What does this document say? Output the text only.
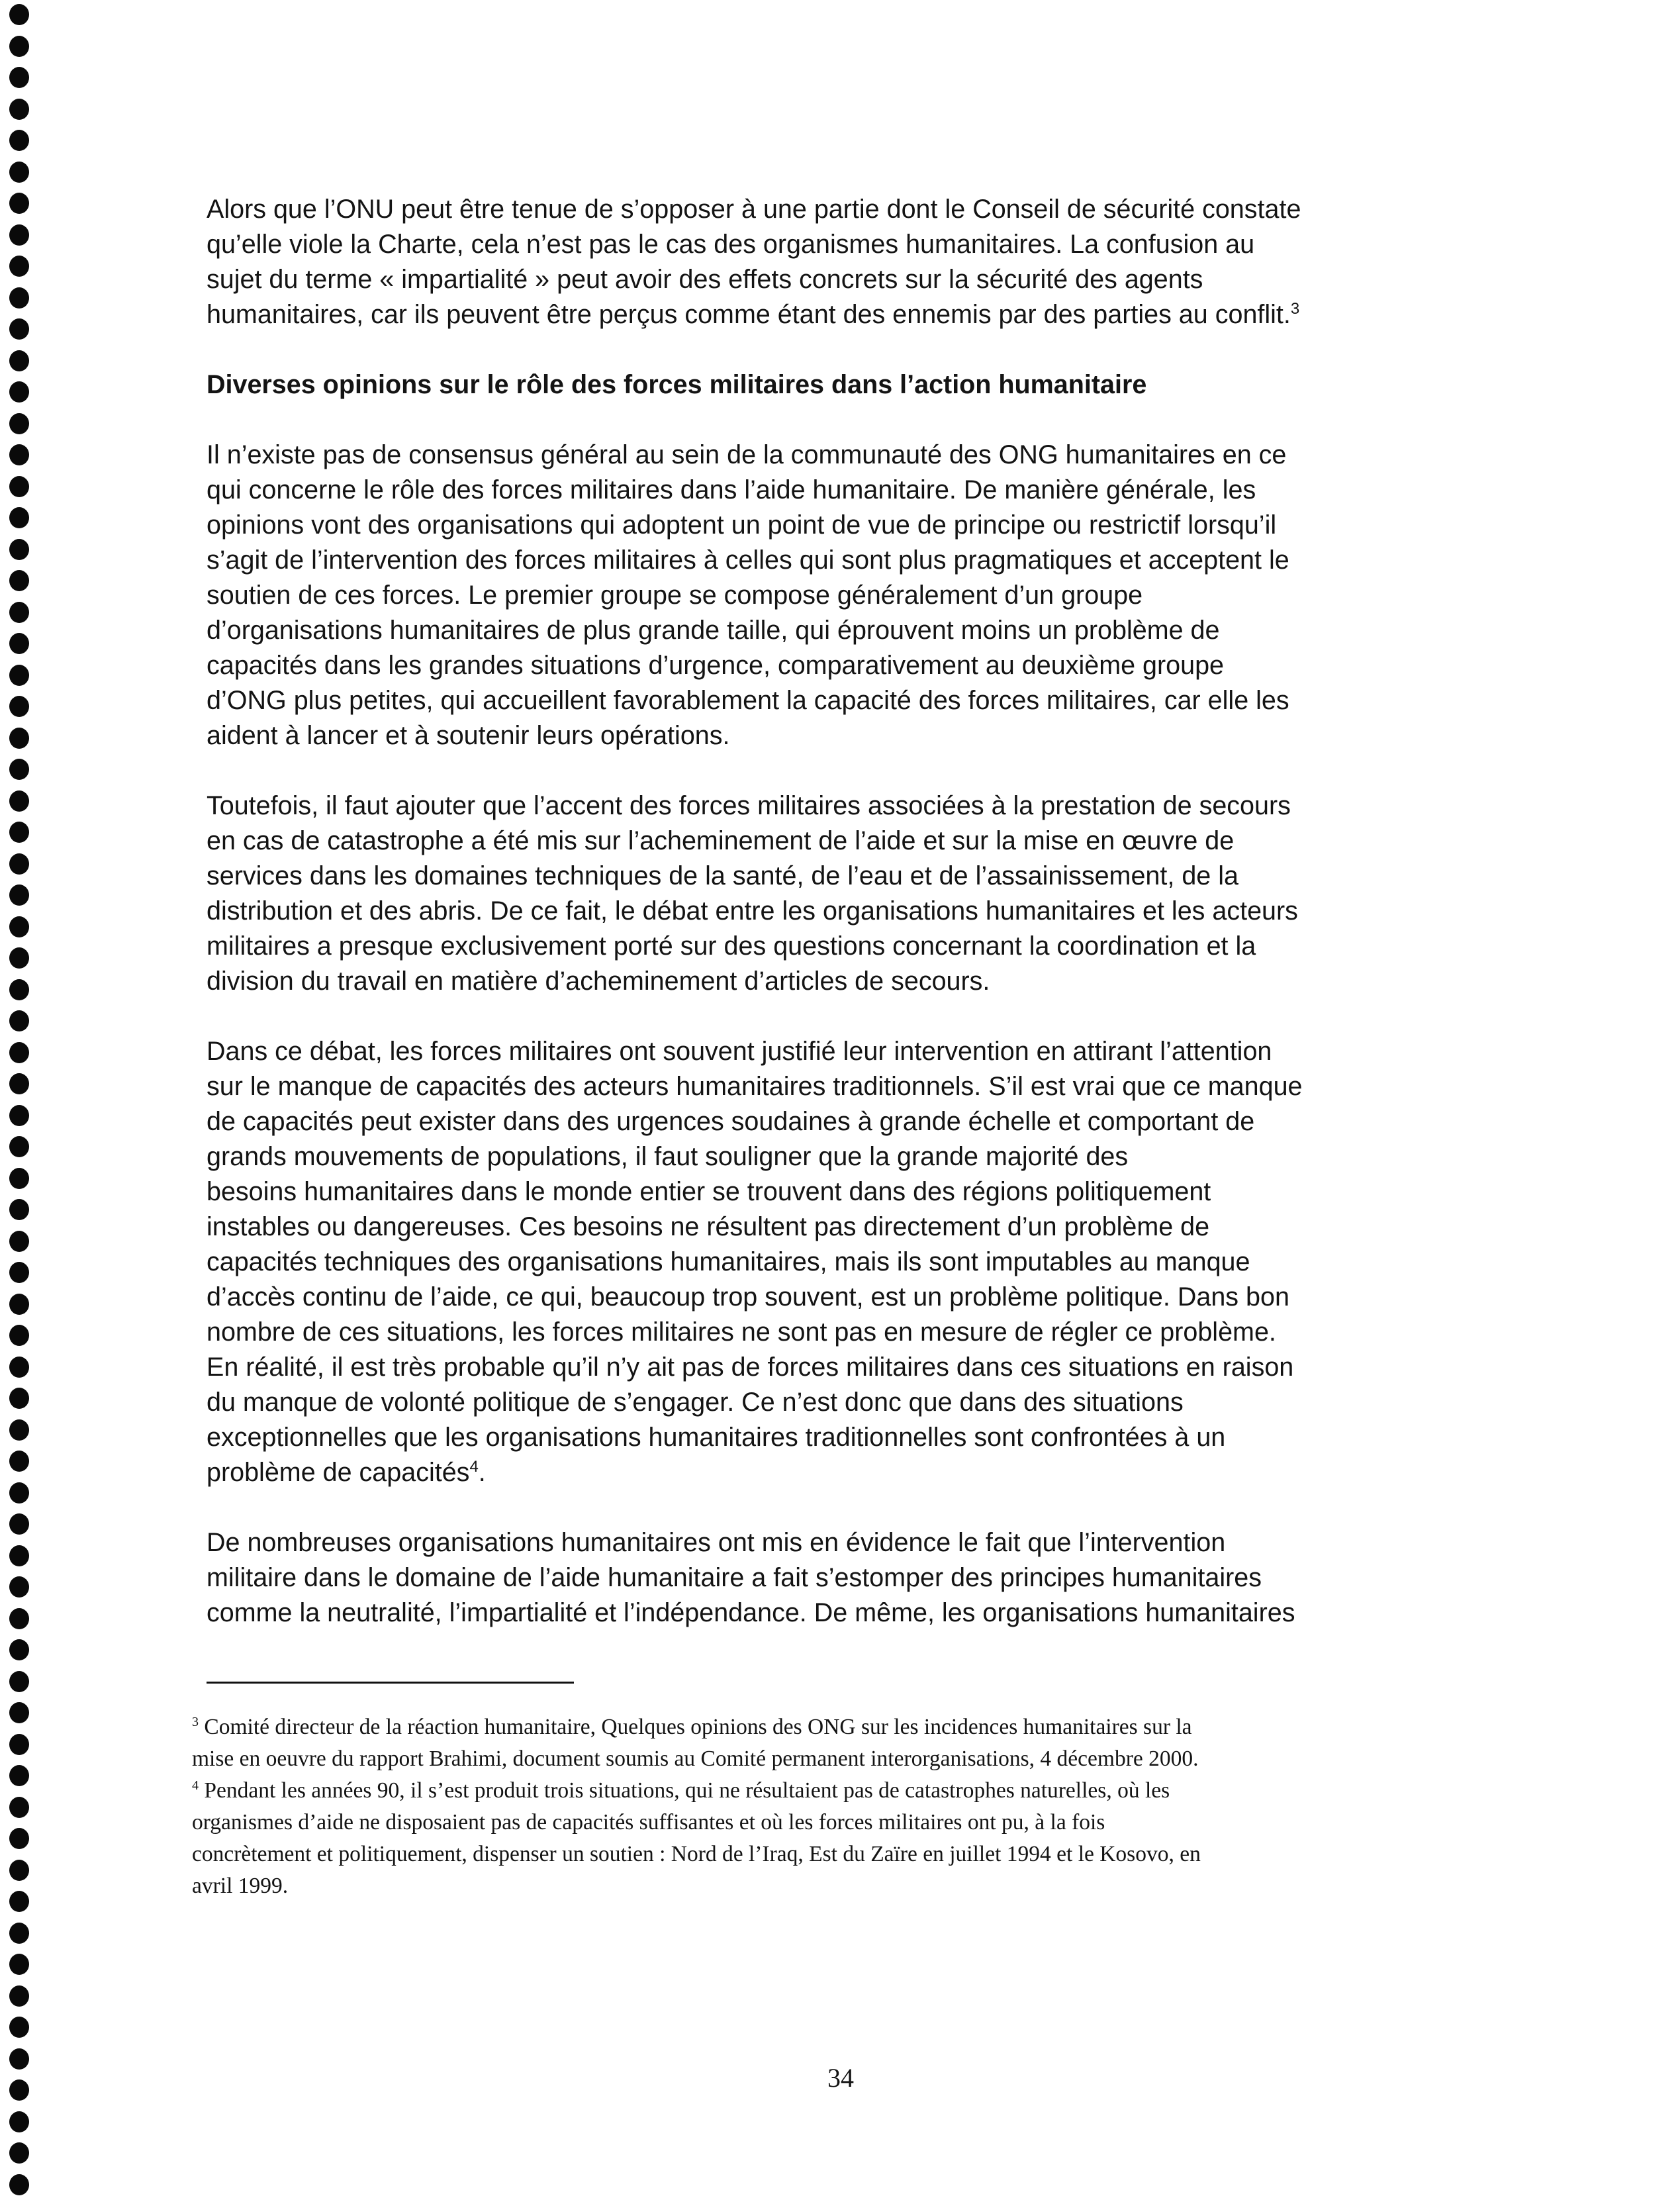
Alors que l’ONU peut être tenue de s’opposer à une partie dont le Conseil de sécurité constate
qu’elle viole la Charte, cela n’est pas le cas des organismes humanitaires. La confusion au
sujet du terme « impartialité » peut avoir des effets concrets sur la sécurité des agents
humanitaires, car ils peuvent être perçus comme étant des ennemis par des parties au conflit.$^3$

Diverses opinions sur le rôle des forces militaires dans l’action humanitaire

Il n’existe pas de consensus général au sein de la communauté des ONG humanitaires en ce
qui concerne le rôle des forces militaires dans l’aide humanitaire. De manière générale, les
opinions vont des organisations qui adoptent un point de vue de principe ou restrictif lorsqu’il
s’agit de l’intervention des forces militaires à celles qui sont plus pragmatiques et acceptent le
soutien de ces forces. Le premier groupe se compose généralement d’un groupe
d’organisations humanitaires de plus grande taille, qui éprouvent moins un problème de
capacités dans les grandes situations d’urgence, comparativement au deuxième groupe
d’ONG plus petites, qui accueillent favorablement la capacité des forces militaires, car elle les
aident à lancer et à soutenir leurs opérations.

Toutefois, il faut ajouter que l’accent des forces militaires associées à la prestation de secours
en cas de catastrophe a été mis sur l’acheminement de l’aide et sur la mise en œuvre de
services dans les domaines techniques de la santé, de l’eau et de l’assainissement, de la
distribution et des abris. De ce fait, le débat entre les organisations humanitaires et les acteurs
militaires a presque exclusivement porté sur des questions concernant la coordination et la
division du travail en matière d’acheminement d’articles de secours.

Dans ce débat, les forces militaires ont souvent justifié leur intervention en attirant l’attention
sur le manque de capacités des acteurs humanitaires traditionnels. S’il est vrai que ce manque
de capacités peut exister dans des urgences soudaines à grande échelle et comportant de
grands mouvements de populations, il faut souligner que la grande majorité des
besoins humanitaires dans le monde entier se trouvent dans des régions politiquement
instables ou dangereuses. Ces besoins ne résultent pas directement d’un problème de
capacités techniques des organisations humanitaires, mais ils sont imputables au manque
d’accès continu de l’aide, ce qui, beaucoup trop souvent, est un problème politique. Dans bon
nombre de ces situations, les forces militaires ne sont pas en mesure de régler ce problème.
En réalité, il est très probable qu’il n’y ait pas de forces militaires dans ces situations en raison
du manque de volonté politique de s’engager. Ce n’est donc que dans des situations
exceptionnelles que les organisations humanitaires traditionnelles sont confrontées à un
problème de capacités$^4$.

De nombreuses organisations humanitaires ont mis en évidence le fait que l’intervention
militaire dans le domaine de l’aide humanitaire a fait s’estomper des principes humanitaires
comme la neutralité, l’impartialité et l’indépendance. De même, les organisations humanitaires

$^3$ Comité directeur de la réaction humanitaire, Quelques opinions des ONG sur les incidences humanitaires sur la
mise en oeuvre du rapport Brahimi, document soumis au Comité permanent interorganisations, 4 décembre 2000.
$^4$ Pendant les années 90, il s’est produit trois situations, qui ne résultaient pas de catastrophes naturelles, où les
organismes d’aide ne disposaient pas de capacités suffisantes et où les forces militaires ont pu, à la fois
concrètement et politiquement, dispenser un soutien : Nord de l’Iraq, Est du Zaïre en juillet 1994 et le Kosovo, en
avril 1999.
34
